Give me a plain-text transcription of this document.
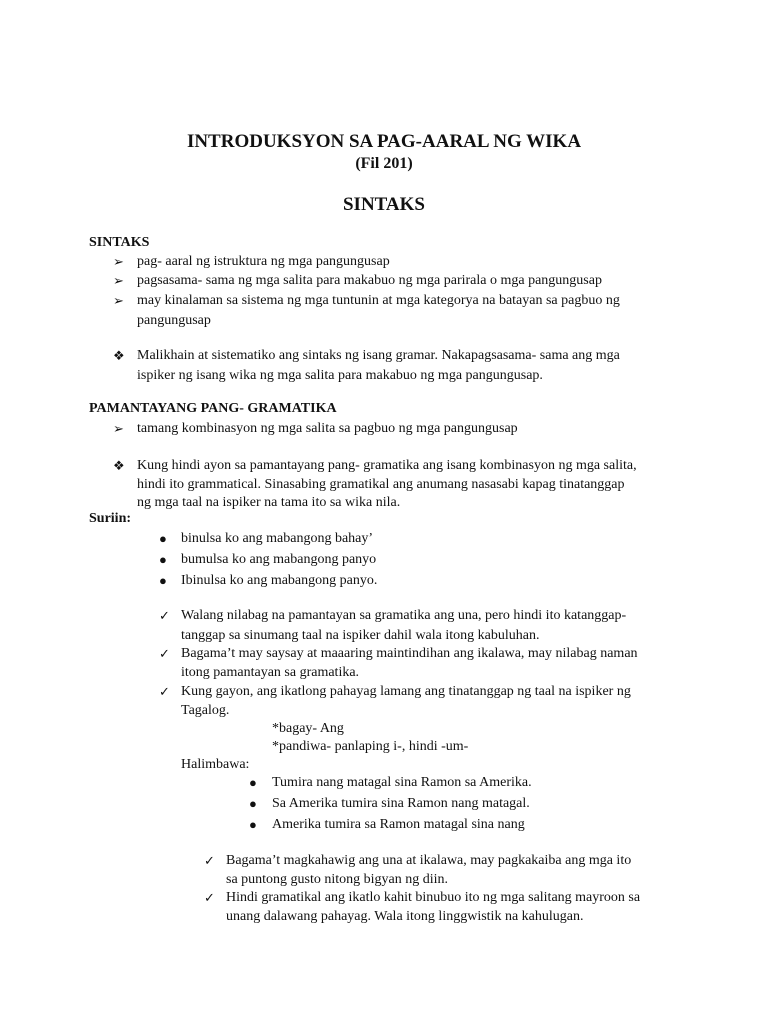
INTRODUKSYON SA PAG-AARAL NG WIKA
(Fil 201)
SINTAKS
SINTAKS
➢ pag- aaral ng istruktura ng mga pangungusap
➢ pagsasama- sama ng mga salita para makabuo ng mga parirala o mga pangungusap
➢ may kinalaman sa sistema ng mga tuntunin at mga kategorya na batayan sa pagbuo ng
pangungusap
❖ Malikhain at sistematiko ang sintaks ng isang gramar. Nakapagsasama- sama ang mga
ispiker ng isang wika ng mga salita para makabuo ng mga pangungusap.
PAMANTAYANG PANG- GRAMATIKA
➢ tamang kombinasyon ng mga salita sa pagbuo ng mga pangungusap
❖ Kung hindi ayon sa pamantayang pang- gramatika ang isang kombinasyon ng mga salita,
hindi ito grammatical. Sinasabing gramatikal ang anumang nasasabi kapag tinatanggap
ng mga taal na ispiker na tama ito sa wika nila.
Suriin:
● binulsa ko ang mabangong bahay’
● bumulsa ko ang mabangong panyo
● Ibinulsa ko ang mabangong panyo.
✓ Walang nilabag na pamantayan sa gramatika ang una, pero hindi ito katanggap-
tanggap sa sinumang taal na ispiker dahil wala itong kabuluhan.
✓ Bagama’t may saysay at maaaring maintindihan ang ikalawa, may nilabag naman
itong pamantayan sa gramatika.
✓ Kung gayon, ang ikatlong pahayag lamang ang tinatanggap ng taal na ispiker ng
Tagalog.
*bagay- Ang
*pandiwa- panlaping i-, hindi -um-
Halimbawa:
● Tumira nang matagal sina Ramon sa Amerika.
● Sa Amerika tumira sina Ramon nang matagal.
● Amerika tumira sa Ramon matagal sina nang
✓ Bagama’t magkahawig ang una at ikalawa, may pagkakaiba ang mga ito
sa puntong gusto nitong bigyan ng diin.
✓ Hindi gramatikal ang ikatlo kahit binubuo ito ng mga salitang mayroon sa
unang dalawang pahayag. Wala itong linggwistik na kahulugan.
